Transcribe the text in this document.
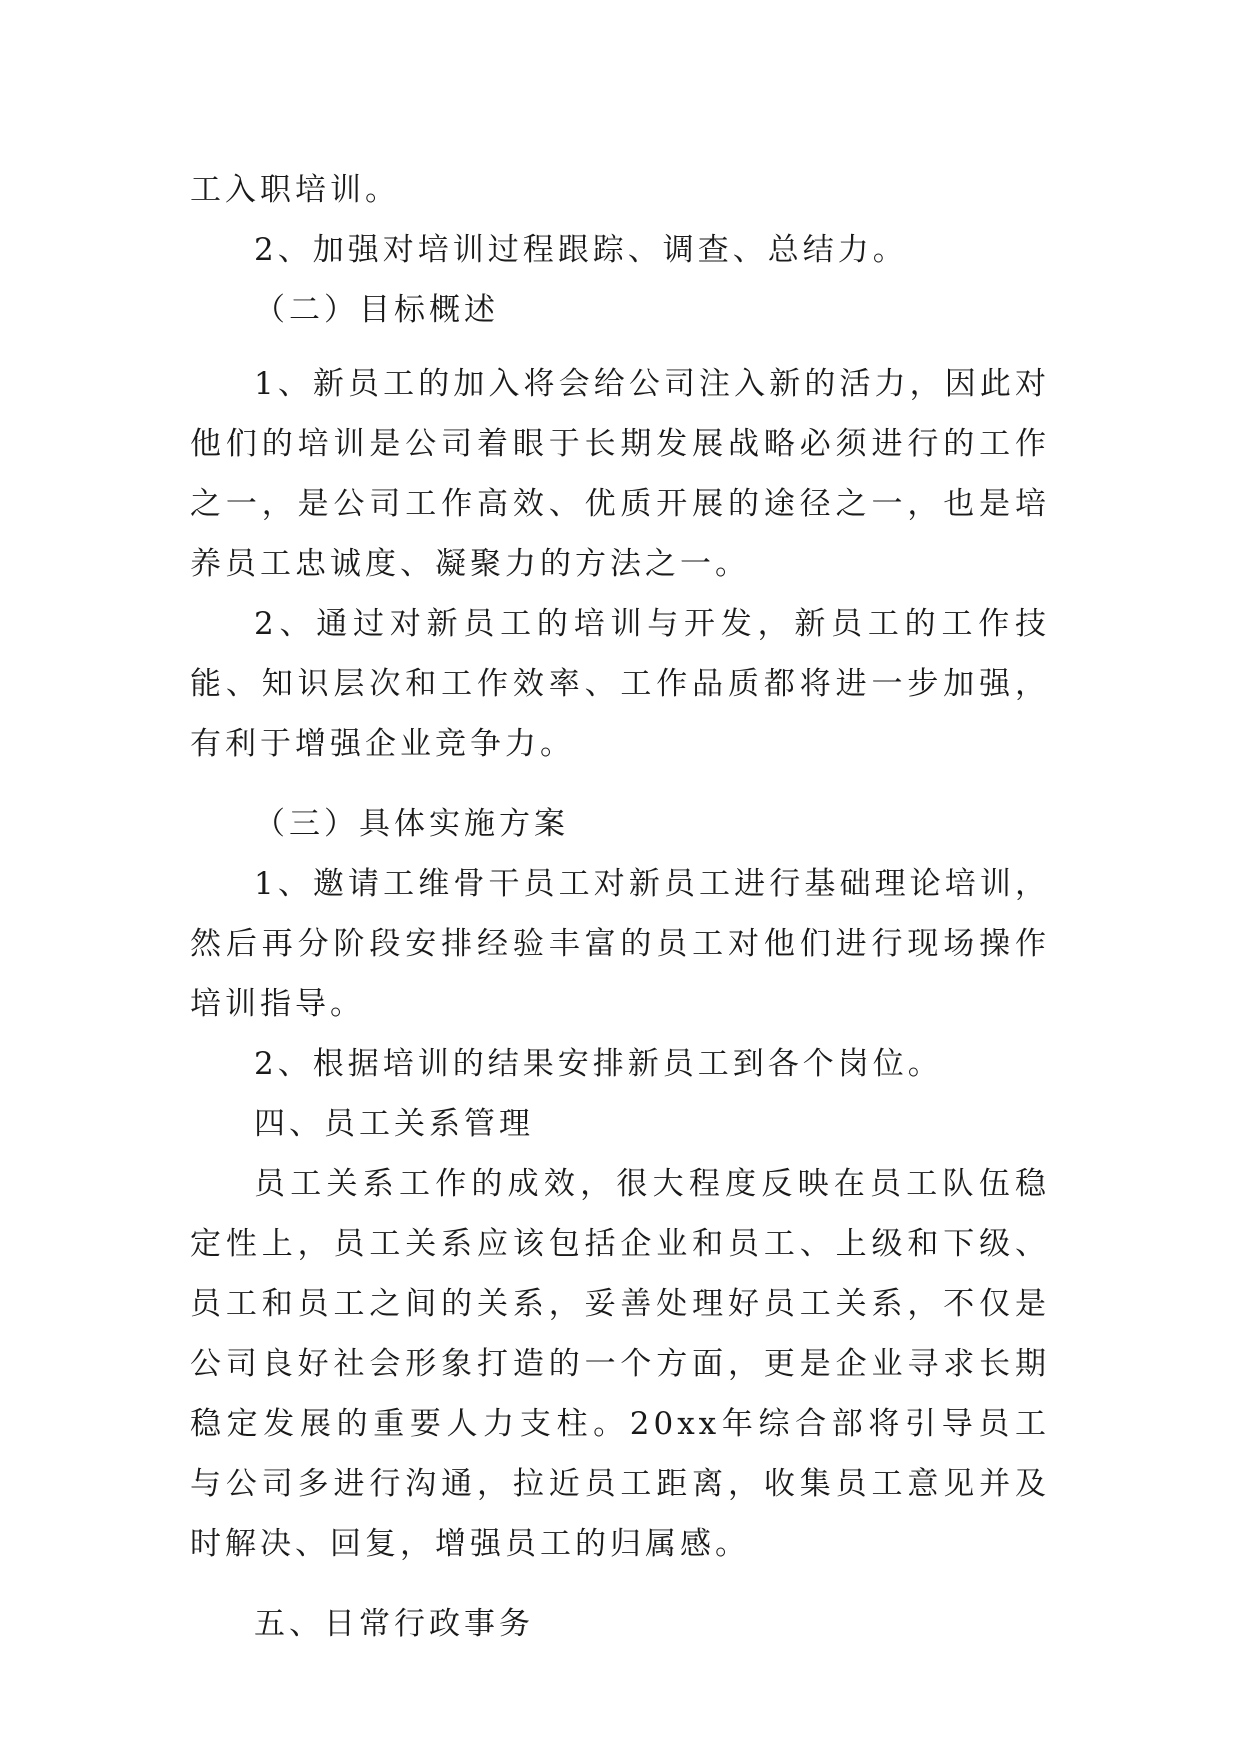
工入职培训。

2、加强对培训过程跟踪、调查、总结力。

（二）目标概述

1、新员工的加入将会给公司注入新的活力，因此对他们的培训是公司着眼于长期发展战略必须进行的工作之一，是公司工作高效、优质开展的途径之一，也是培养员工忠诚度、凝聚力的方法之一。

2、通过对新员工的培训与开发，新员工的工作技能、知识层次和工作效率、工作品质都将进一步加强，有利于增强企业竞争力。

（三）具体实施方案

1、邀请工维骨干员工对新员工进行基础理论培训，然后再分阶段安排经验丰富的员工对他们进行现场操作培训指导。

2、根据培训的结果安排新员工到各个岗位。

四、员工关系管理

员工关系工作的成效，很大程度反映在员工队伍稳定性上，员工关系应该包括企业和员工、上级和下级、员工和员工之间的关系，妥善处理好员工关系，不仅是公司良好社会形象打造的一个方面，更是企业寻求长期稳定发展的重要人力支柱。20xx年综合部将引导员工与公司多进行沟通，拉近员工距离，收集员工意见并及时解决、回复，增强员工的归属感。

五、日常行政事务
